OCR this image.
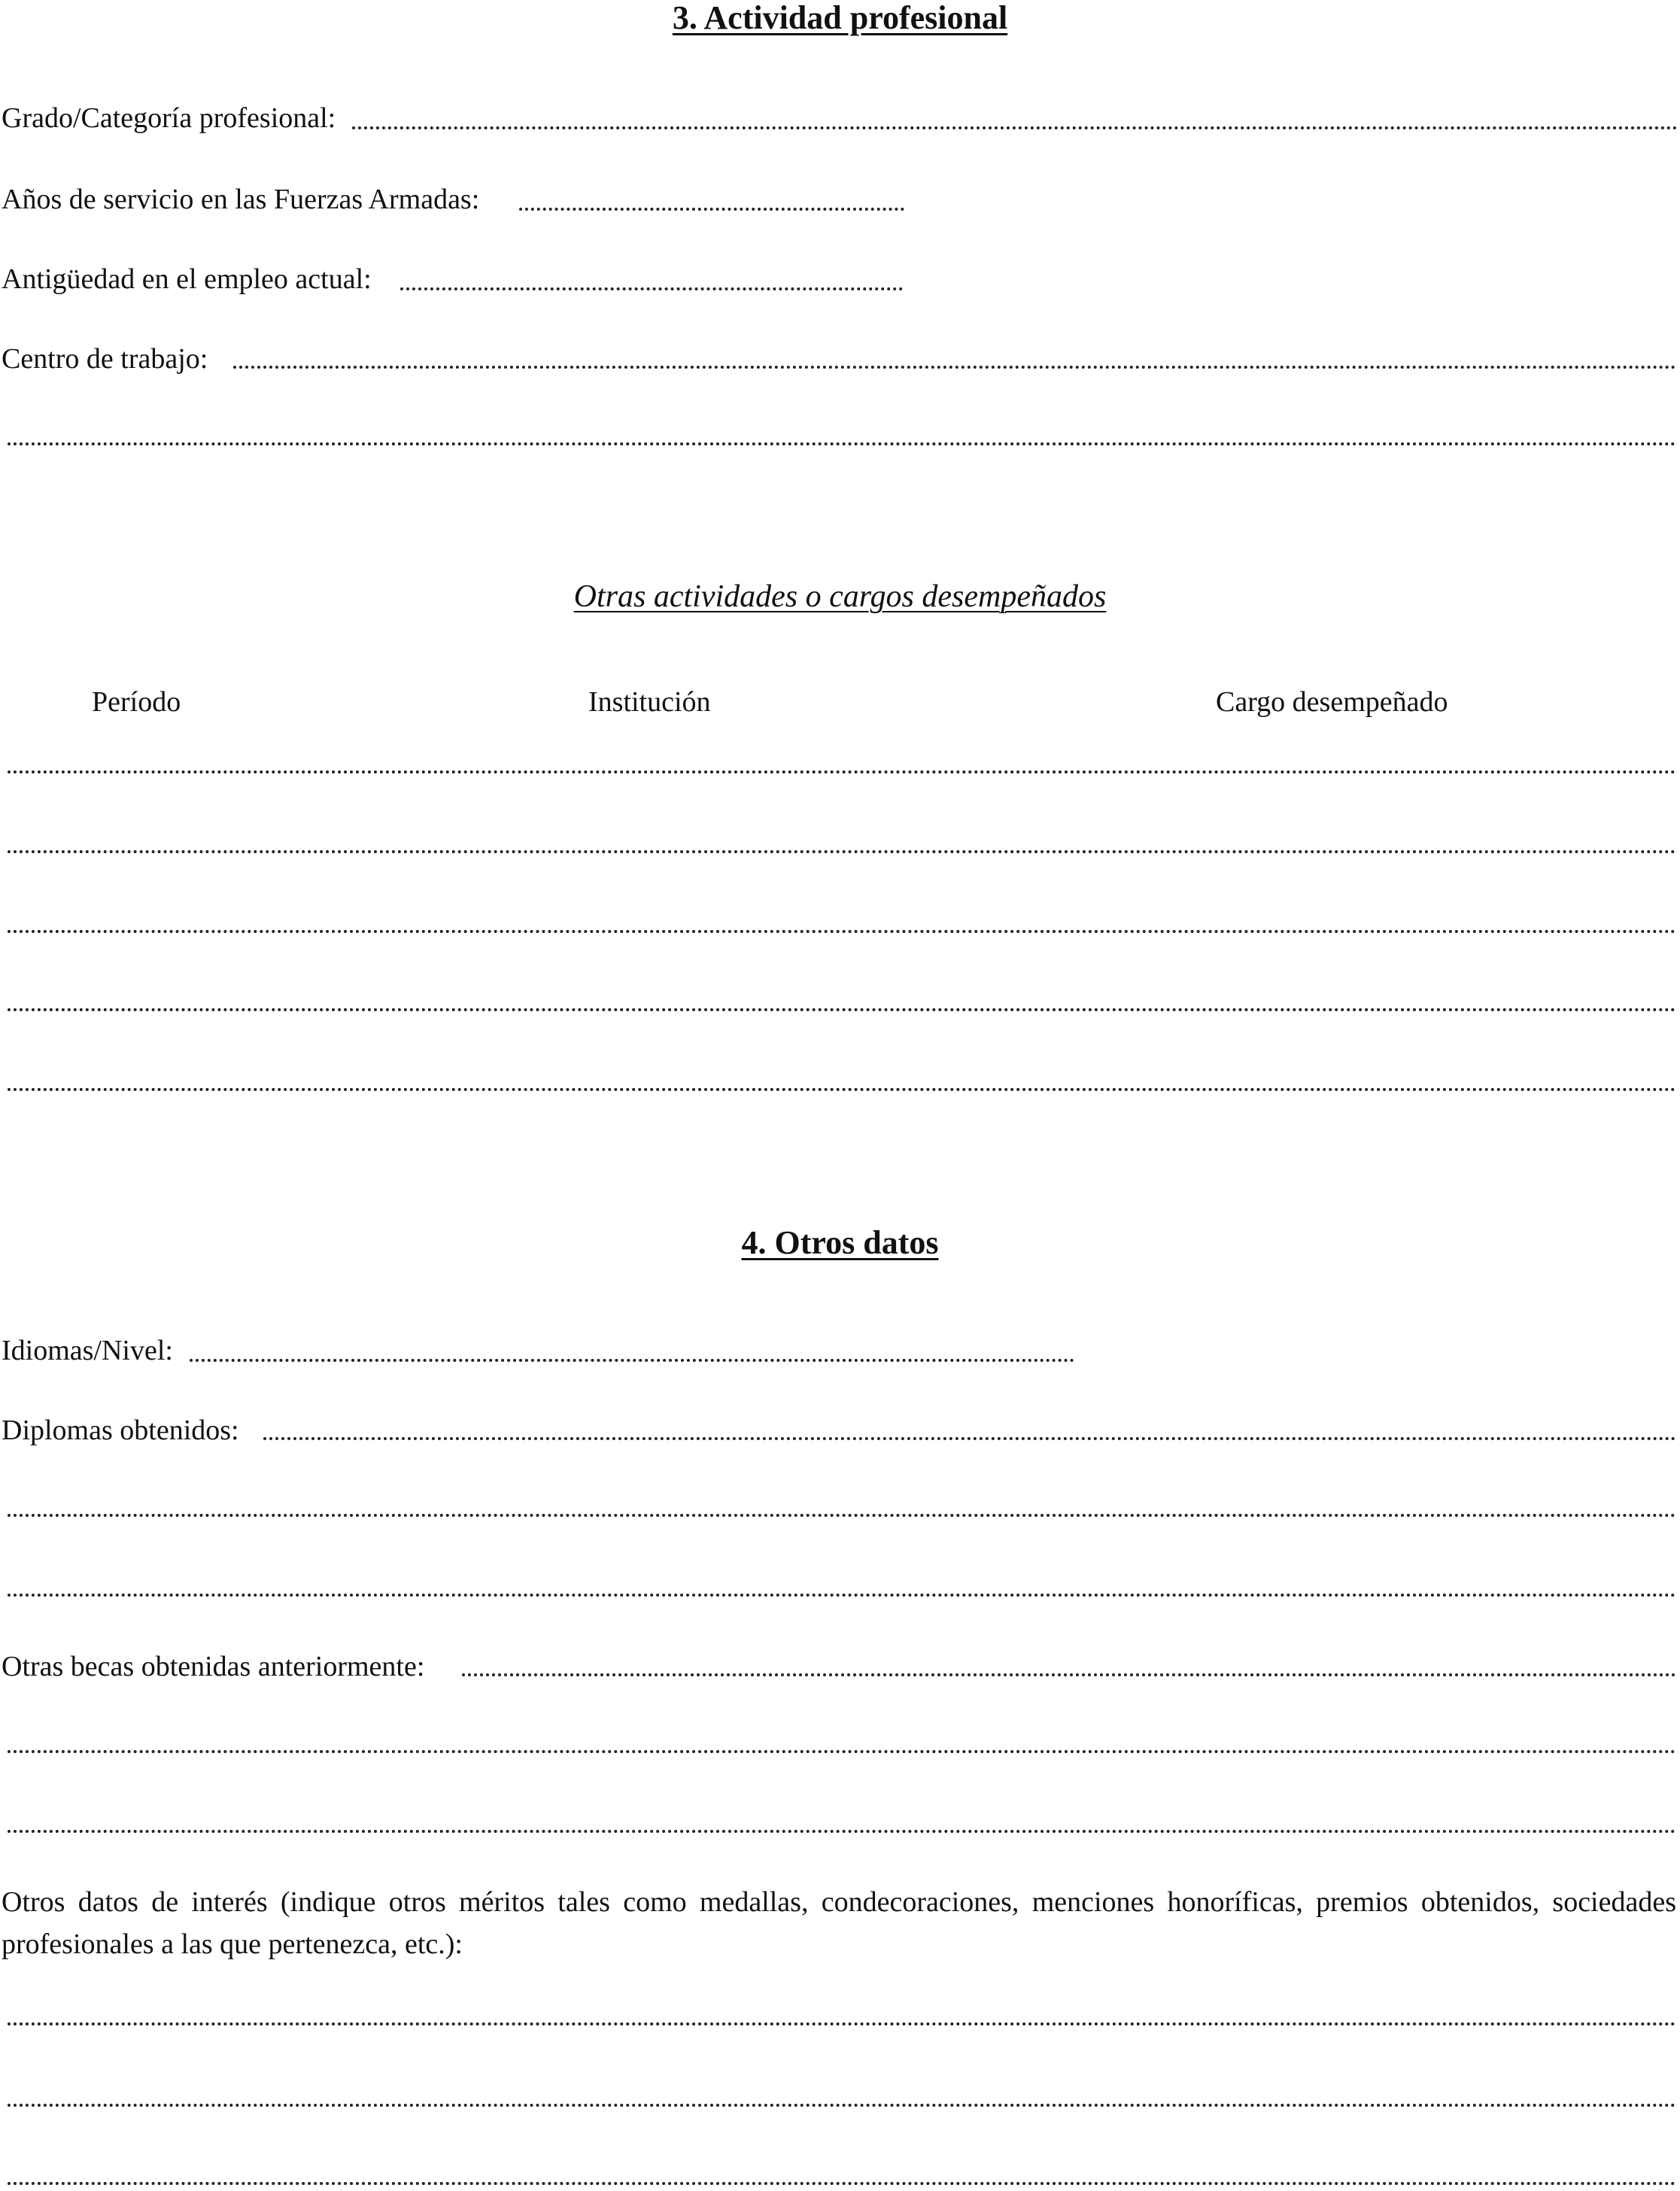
3. Actividad profesional
Grado/Categoría profesional:
Años de servicio en las Fuerzas Armadas:
Antigüedad en el empleo actual:
Centro de trabajo:
Otras actividades o cargos desempeñados
Período	Institución	Cargo desempeñado
4. Otros datos
Idiomas/Nivel:
Diplomas obtenidos:
Otras becas obtenidas anteriormente:
Otros datos de interés (indique otros méritos tales como medallas, condecoraciones, menciones honoríficas, premios obtenidos, sociedades profesionales a las que pertenezca, etc.):
